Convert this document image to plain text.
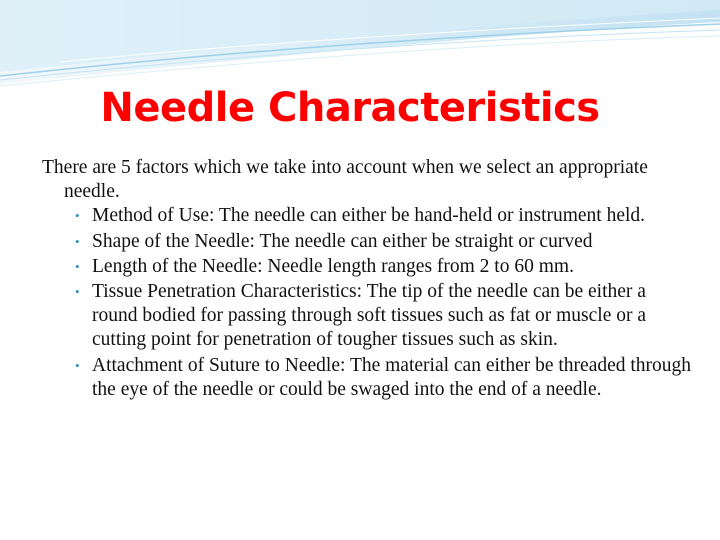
Needle Characteristics

There are 5 factors which we take into account when we select an appropriate needle.

• Method of Use: The needle can either be hand-held or instrument held.
• Shape of the Needle: The needle can either be straight or curved
• Length of the Needle: Needle length ranges from 2 to 60 mm.
• Tissue Penetration Characteristics: The tip of the needle can be either a round bodied for passing through soft tissues such as fat or muscle or a cutting point for penetration of tougher tissues such as skin.
• Attachment of Suture to Needle: The material can either be threaded through the eye of the needle or could be swaged into the end of a needle.
